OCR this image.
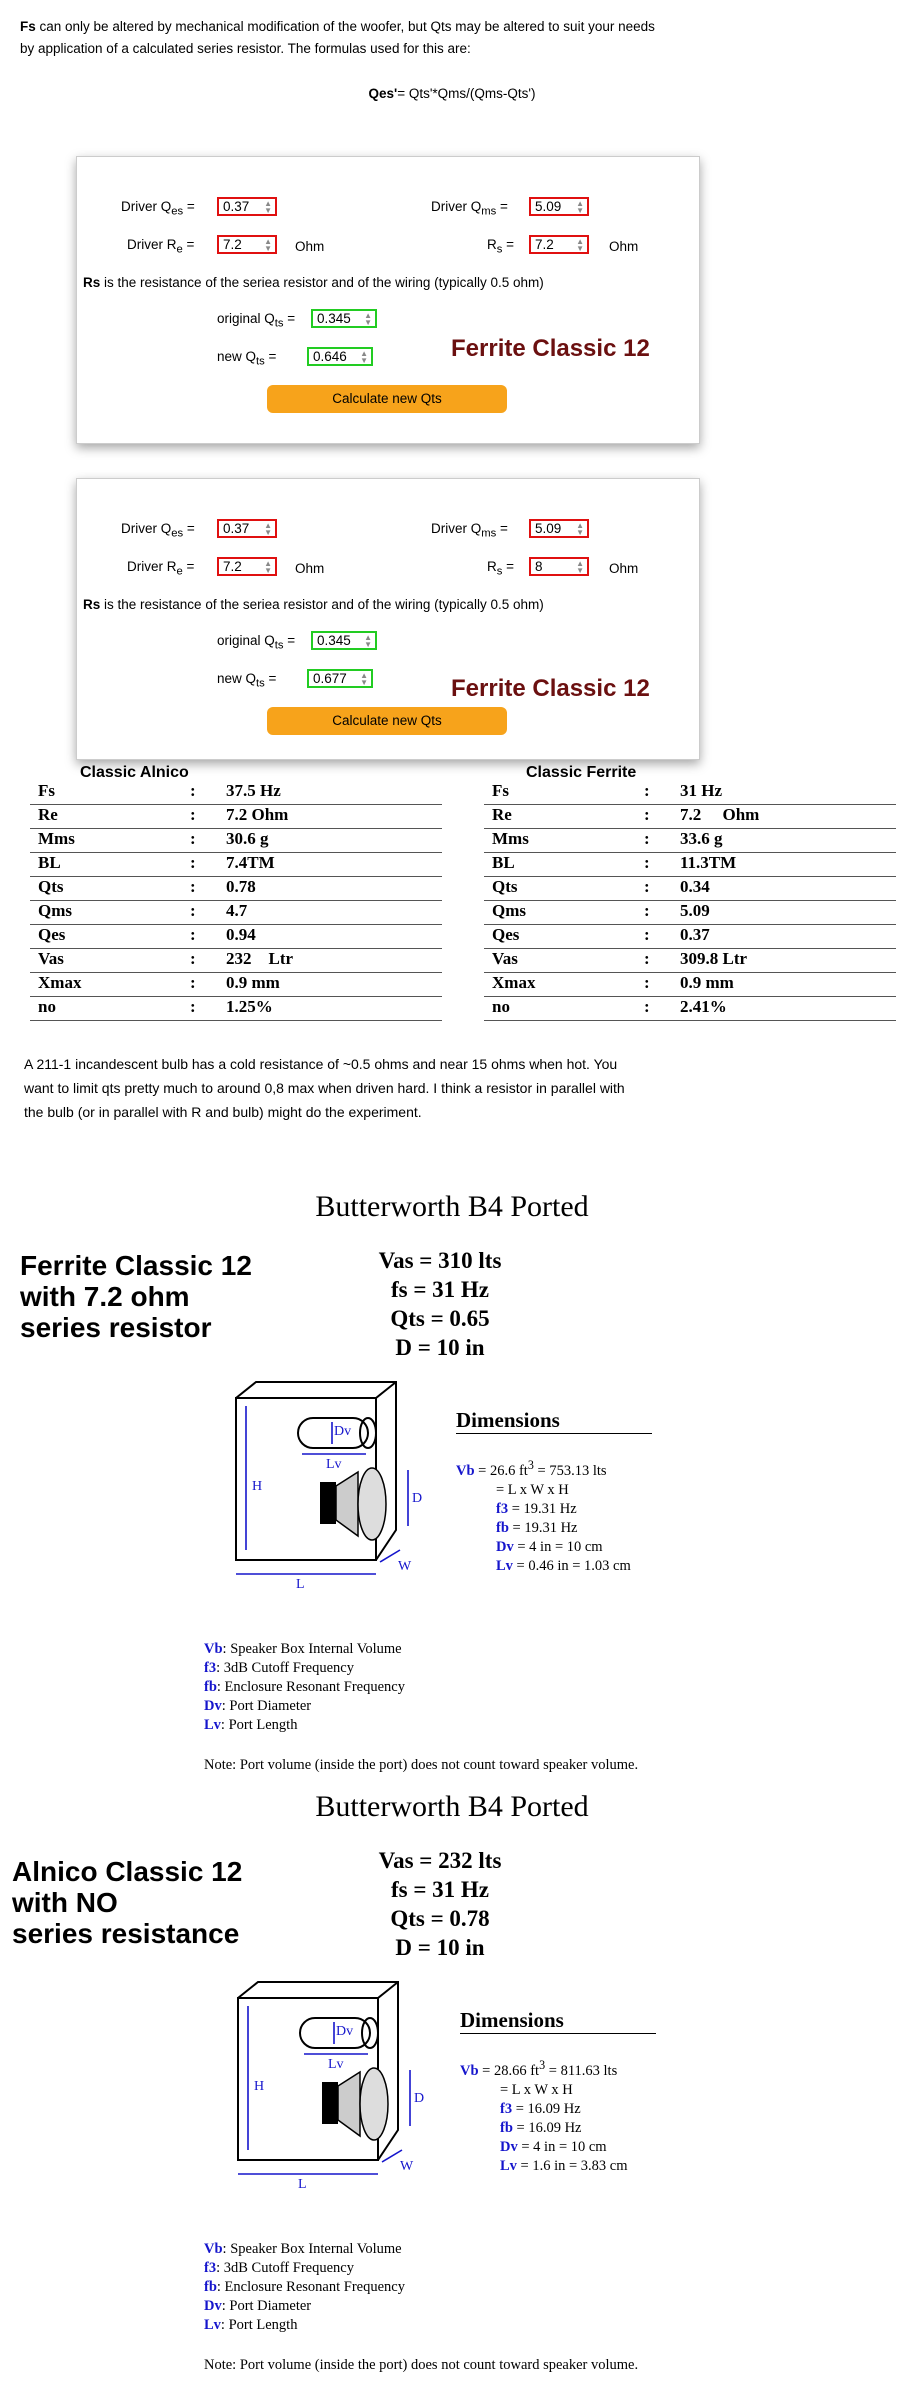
Fs can only be altered by mechanical modification of the woofer, but Qts may be altered to suit your needs
by application of a calculated series resistor. The formulas used for this are:
Qes'= Qts'*Qms/(Qms-Qts')
Driver $Q_{es}$ =	0.37 ▲
▼	Driver $Q_{ms}$ =	5.09 ▲
▼
Driver $R_e$ =	7.2	▲
▼ Ohm	$R_s$ =	7.2	▲
▼ Ohm
Rs is the resistance of the seriea resistor and of the wiring (typically 0.5 ohm)
original $Q_{ts}$ =	0.345 ▲
▼
new $Q_{ts}$ =	0.646 ▲
▼	Ferrite Classic 12
Calculate new Qts
Driver $Q_{es}$ =	0.37 ▲
▼	Driver $Q_{ms}$ =	5.09 ▲
▼
Driver $R_e$ =	7.2	▲
▼ Ohm	$R_s$ =	8	▲
▼ Ohm
Rs is the resistance of the seriea resistor and of the wiring (typically 0.5 ohm)
original $Q_{ts}$ =	0.345 ▲
▼
new $Q_{ts}$ =	0.677 ▲
▼	Ferrite Classic 12
Calculate new Qts
Classic Alnico	Classic Ferrite
Fs	: 37.5 Hz
Re	: 7.2 Ohm
Mms	: 30.6 g
BL	: 7.4TM
Qts	: 0.78
Qms	: 4.7
Qes	: 0.94
Vas	: 232    Ltr
Xmax	: 0.9 mm
no	: 1.25%
Fs	: 31 Hz
Re	: 7.2     Ohm
Mms	: 33.6 g
BL	: 11.3TM
Qts	: 0.34
Qms	: 5.09
Qes	: 0.37
Vas	: 309.8 Ltr
Xmax	: 0.9 mm
no	: 2.41%
A 211-1 incandescent bulb has a cold resistance of ~0.5 ohms and near 15 ohms when hot. You
want to limit qts pretty much to around 0,8 max when driven hard. I think a resistor in parallel with
the bulb (or in parallel with R and bulb) might do the experiment.
Butterworth B4 Ported
Ferrite Classic 12
with 7.2 ohm
series resistor
Vas = 310 lts
fs = 31 Hz
Qts = 0.65
D = 10 in
Dv
Lv
H
D
L
W
Dimensions
Vb = 26.6 $ft^3 = 753.13$ lts
= L x W x H
f3 = 19.31 Hz
fb = 19.31 Hz
Dv = 4 in = 10 cm
Lv = 0.46 in = 1.03 cm
Vb: Speaker Box Internal Volume
f3: 3dB Cutoff Frequency
fb: Enclosure Resonant Frequency
Dv: Port Diameter
Lv: Port Length
Note: Port volume (inside the port) does not count toward speaker volume.
Butterworth B4 Ported
Alnico Classic 12
with NO
series resistance
Vas = 232 lts
fs = 31 Hz
Qts = 0.78
D = 10 in
Dv
Lv
H
D
L
W
Dimensions
Vb = 28.66 $ft^3 = 811.63$ lts
= L x W x H
f3 = 16.09 Hz
fb = 16.09 Hz
Dv = 4 in = 10 cm
Lv = 1.6 in = 3.83 cm
Vb: Speaker Box Internal Volume
f3: 3dB Cutoff Frequency
fb: Enclosure Resonant Frequency
Dv: Port Diameter
Lv: Port Length
Note: Port volume (inside the port) does not count toward speaker volume.
